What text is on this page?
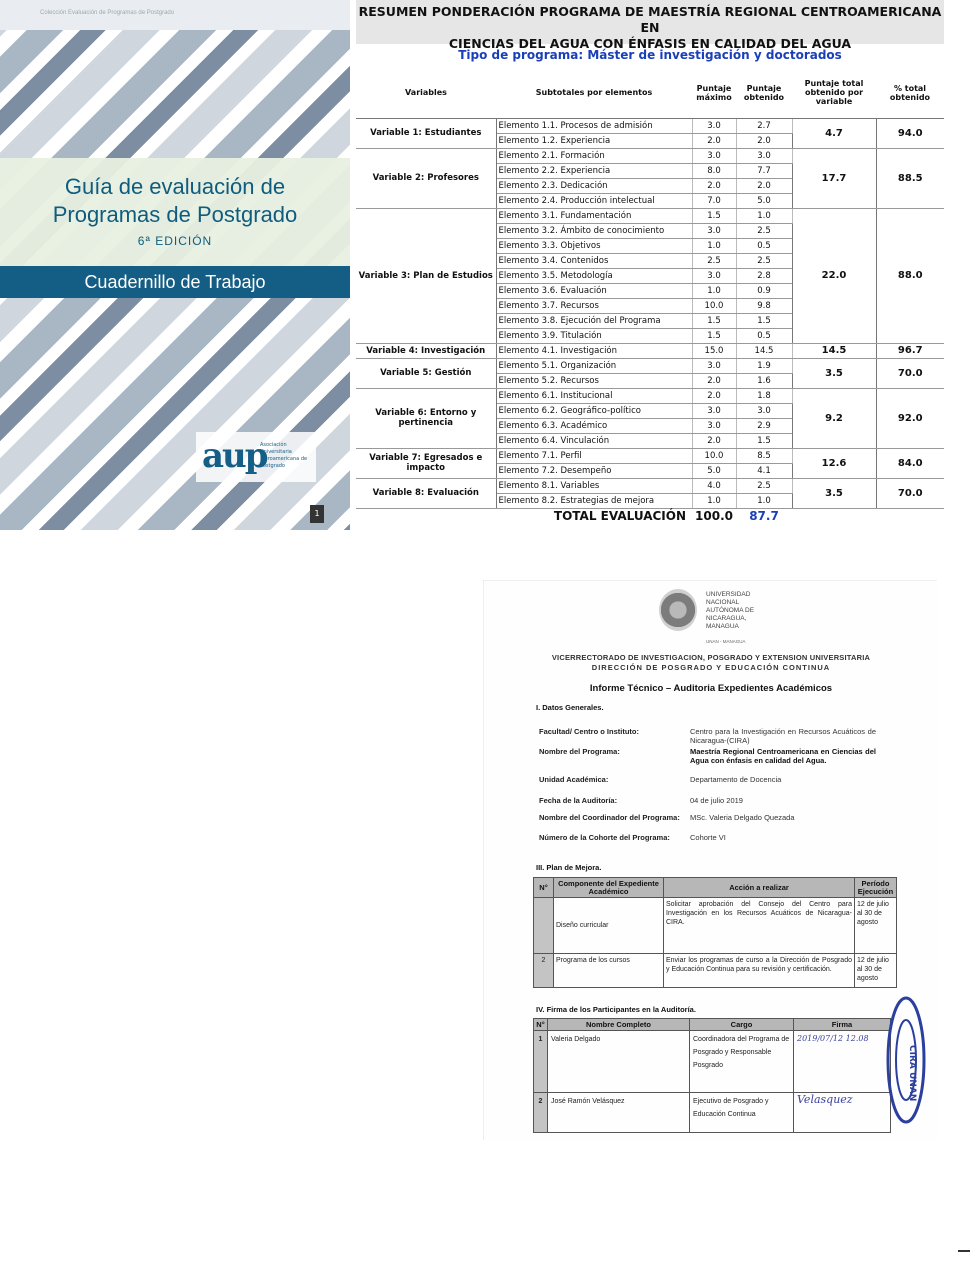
Colección Evaluación de Programas de Postgrado
Guía de evaluación de
Programas de Postgrado
6ª EDICIÓN
Cuadernillo de Trabajo
aup
Asociación Universitaria Iberoamericana de Postgrado
1
RESUMEN PONDERACIÓN PROGRAMA DE MAESTRÍA REGIONAL CENTROAMERICANA EN
CIENCIAS DEL AGUA CON ÉNFASIS EN CALIDAD DEL AGUA
Tipo de programa: Máster de investigación y doctorados
Variables	Subtotales por elementos	Puntaje máximo	Puntaje obtenido	Puntaje total obtenido por variable	% total obtenido
Variable 1: Estudiantes	Elemento 1.1. Procesos de admisión	3.0	2.7	4.7	94.0
	Elemento 1.2. Experiencia	2.0	2.0		
Variable 2: Profesores	Elemento 2.1. Formación	3.0	3.0	17.7	88.5
	Elemento 2.2. Experiencia	8.0	7.7		
	Elemento 2.3. Dedicación	2.0	2.0		
	Elemento 2.4. Producción intelectual	7.0	5.0		
Variable 3: Plan de Estudios	Elemento 3.1. Fundamentación	1.5	1.0	22.0	88.0
	Elemento 3.2. Ámbito de conocimiento	3.0	2.5		
	Elemento 3.3. Objetivos	1.0	0.5		
	Elemento 3.4. Contenidos	2.5	2.5		
	Elemento 3.5. Metodología	3.0	2.8		
	Elemento 3.6. Evaluación	1.0	0.9		
	Elemento 3.7. Recursos	10.0	9.8		
	Elemento 3.8. Ejecución del Programa	1.5	1.5		
	Elemento 3.9. Titulación	1.5	0.5		
Variable 4: Investigación	Elemento 4.1. Investigación	15.0	14.5	14.5	96.7
Variable 5: Gestión	Elemento 5.1. Organización	3.0	1.9	3.5	70.0
	Elemento 5.2. Recursos	2.0	1.6		
Variable 6: Entorno y pertinencia	Elemento 6.1. Institucional	2.0	1.8	9.2	92.0
	Elemento 6.2. Geográfico-político	3.0	3.0		
	Elemento 6.3. Académico	3.0	2.9		
	Elemento 6.4. Vinculación	2.0	1.5		
Variable 7: Egresados e impacto	Elemento 7.1. Perfil	10.0	8.5	12.6	84.0
	Elemento 7.2. Desempeño	5.0	4.1		
Variable 8: Evaluación	Elemento 8.1. Variables	4.0	2.5	3.5	70.0
	Elemento 8.2. Estrategias de mejora	1.0	1.0		
	TOTAL EVALUACIÓN	100.0	87.7		
UNIVERSIDAD
NACIONAL
AUTÓNOMA DE
NICARAGUA,
MANAGUA
UNAN - MANAGUA
VICERRECTORADO DE INVESTIGACION, POSGRADO Y EXTENSION UNIVERSITARIA
DIRECCIÓN DE POSGRADO Y EDUCACIÓN CONTINUA
Informe Técnico – Auditoria Expedientes Académicos
I. Datos Generales.
Facultad/ Centro o Instituto:	Centro para la Investigación en Recursos Acuáticos de Nicaragua-(CIRA)
Nombre del Programa:	Maestría Regional Centroamericana en Ciencias del Agua con énfasis en calidad del Agua.
Unidad Académica:	Departamento de Docencia
Fecha de la Auditoría:	04 de julio 2019
Nombre del Coordinador del Programa:	MSc. Valeria Delgado Quezada
Número de la Cohorte del Programa:	Cohorte VI
III. Plan de Mejora.
N°	Componente del Expediente Académico	Acción a realizar	Período Ejecución
	Diseño curricular	Solicitar aprobación del Consejo del Centro para Investigación en los Recursos Acuáticos de Nicaragua-CIRA.	12 de julio al 30 de agosto
2	Programa de los cursos	Enviar los programas de curso a la Dirección de Posgrado y Educación Continua para su revisión y certificación.	12 de julio al 30 de agosto
IV. Firma de los Participantes en la Auditoría.
N°	Nombre Completo	Cargo	Firma
1	Valeria Delgado	Coordinadora del Programa de Posgrado y Responsable Posgrado	2019/07/12 12.08
2	José Ramón Velásquez	Ejecutivo de Posgrado y Educación Continua	Velasquez	CIRA UNAN
